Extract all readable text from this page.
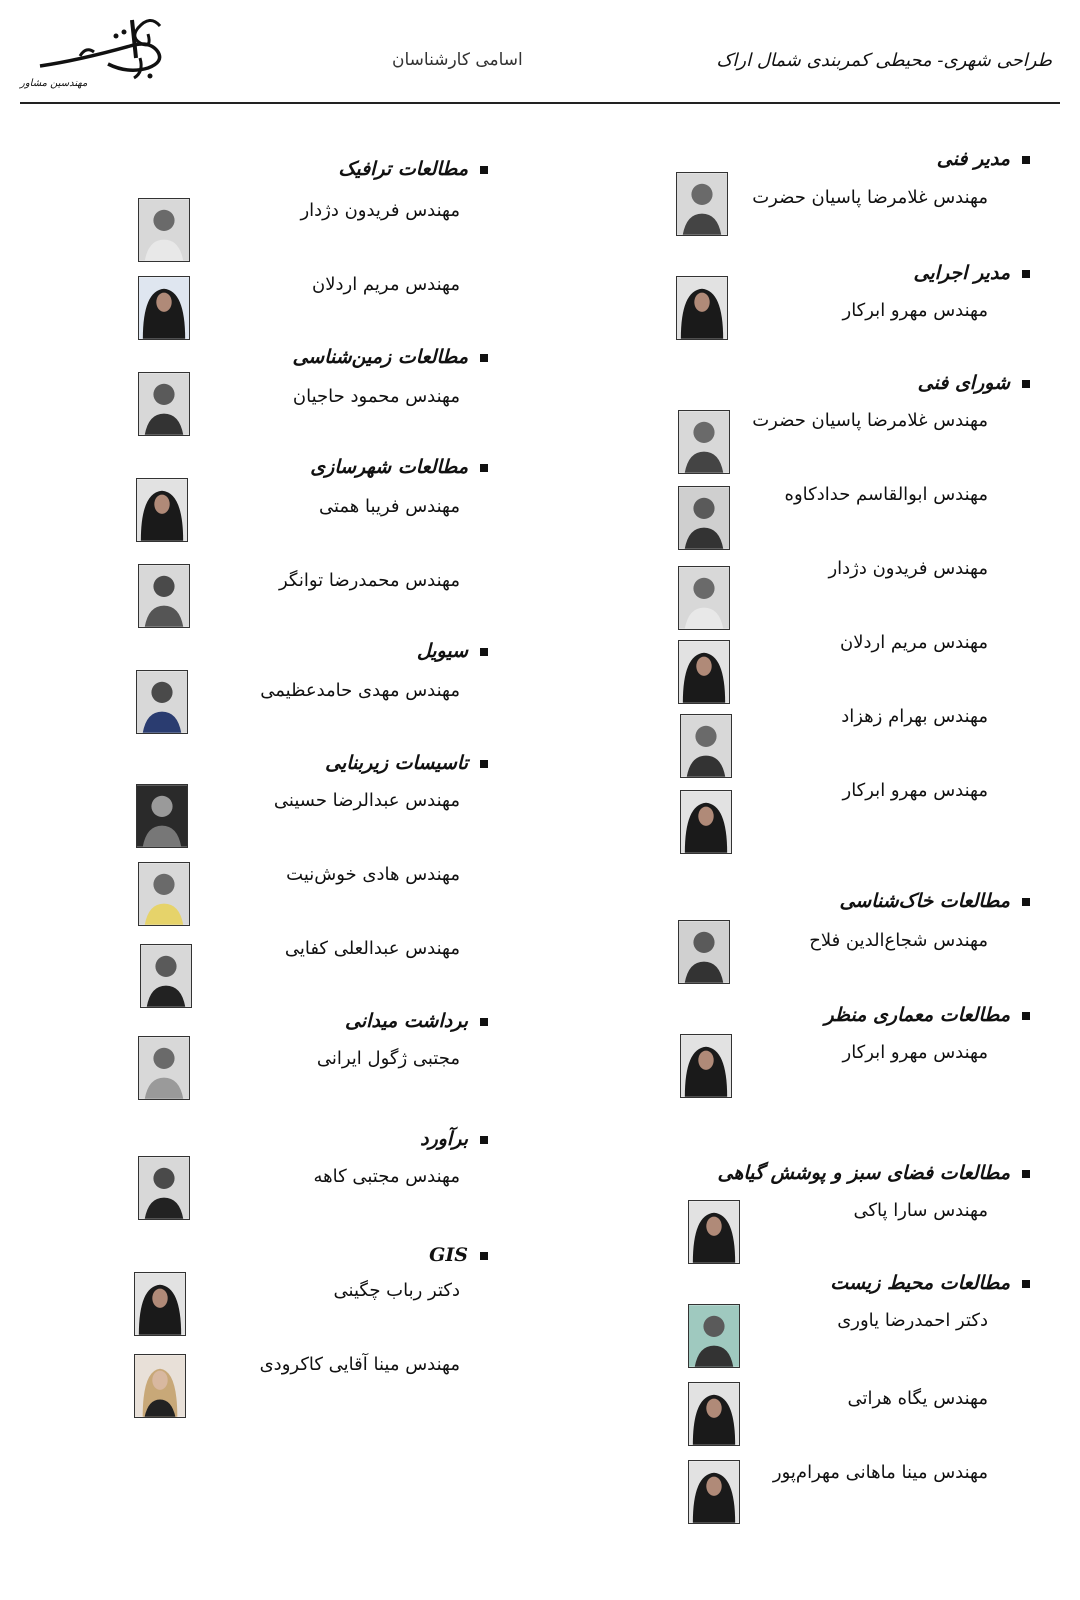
طراحی شهری- محیطی کمربندی شمال اراک
اسامی کارشناسان
مهندسین مشاور
مدیر فنی
مهندس غلامرضا پاسیان حضرت
مدیر اجرایی
مهندس مهرو ابرکار
شورای فنی
مهندس غلامرضا پاسیان حضرت
مهندس ابوالقاسم حدادکاوه
مهندس فریدون دژدار
مهندس مریم اردلان
مهندس بهرام زهزاد
مهندس مهرو ابرکار
مطالعات خاک‌شناسی
مهندس شجاع‌الدین فلاح
مطالعات معماری منظر
مهندس مهرو ابرکار
مطالعات فضای سبز و پوشش گیاهی
مهندس سارا پاکی
مطالعات محیط زیست
دکتر احمدرضا یاوری
مهندس یگاه هراتی
مهندس مینا ماهانی مهرام‌پور
مطالعات ترافیک
مهندس فریدون دژدار
مهندس مریم اردلان
مطالعات زمین‌شناسی
مهندس محمود حاجیان
مطالعات شهرسازی
مهندس فریبا همتی
مهندس محمدرضا توانگر
سیویل
مهندس مهدی حامدعظیمی
تاسیسات زیربنایی
مهندس عبدالرضا حسینی
مهندس هادی خوش‌نیت
مهندس عبدالعلی کفایی
برداشت میدانی
مجتبی ژگول ایرانی
برآورد
مهندس مجتبی کاهه
GIS
دکتر رباب چگینی
مهندس مینا آقایی کاکرودی
